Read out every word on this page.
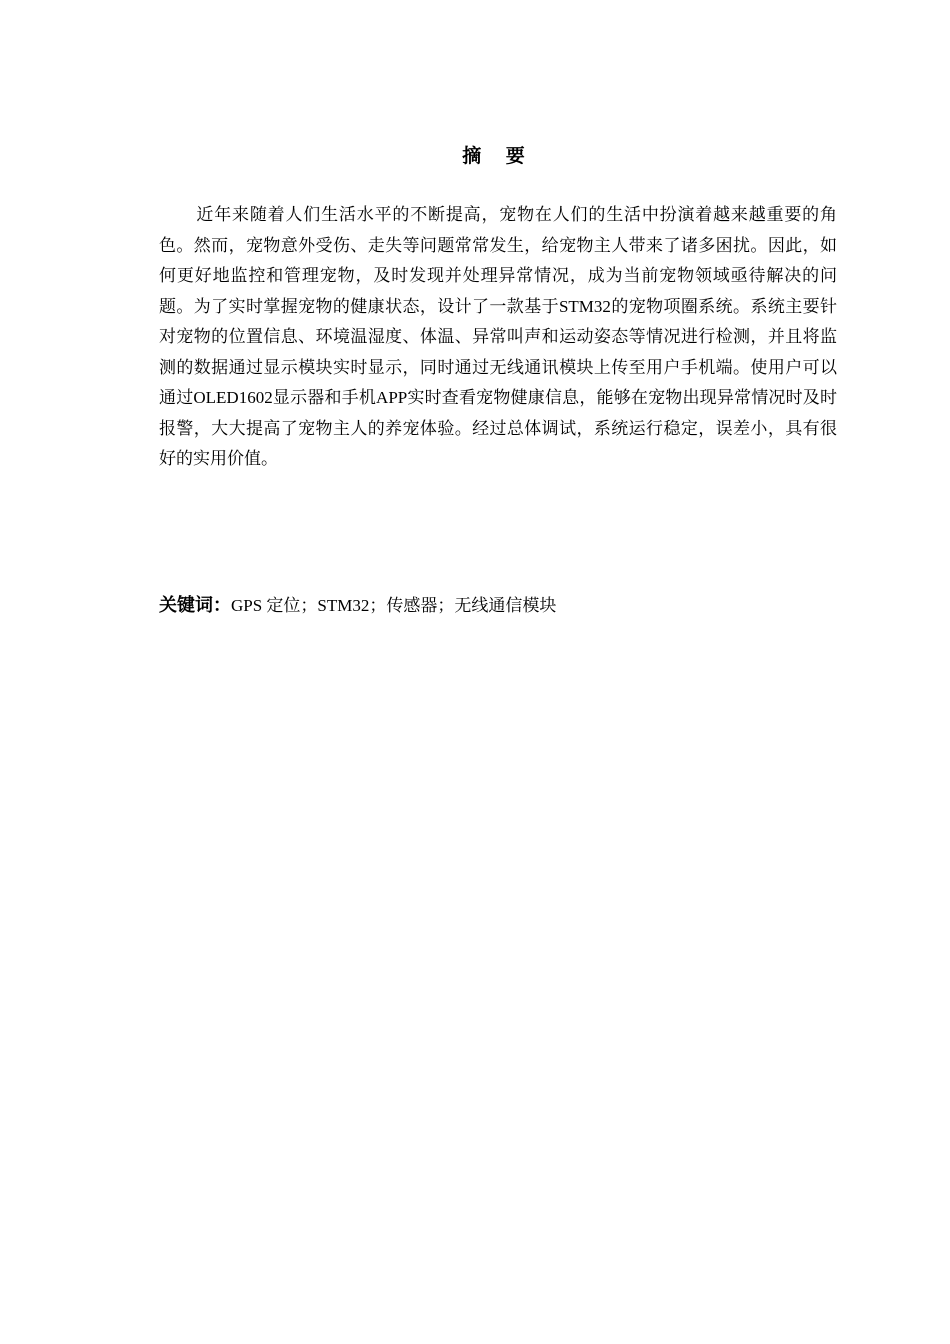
摘 要

近年来随着人们生活水平的不断提高，宠物在人们的生活中扮演着越来越重要的角色。然而，宠物意外受伤、走失等问题常常发生，给宠物主人带来了诸多困扰。因此，如何更好地监控和管理宠物，及时发现并处理异常情况，成为当前宠物领域亟待解决的问题。为了实时掌握宠物的健康状态，设计了一款基于STM32的宠物项圈系统。系统主要针对宠物的位置信息、环境温湿度、体温、异常叫声和运动姿态等情况进行检测，并且将监测的数据通过显示模块实时显示，同时通过无线通讯模块上传至用户手机端。使用户可以通过OLED1602显示器和手机APP实时查看宠物健康信息，能够在宠物出现异常情况时及时报警，大大提高了宠物主人的养宠体验。经过总体调试，系统运行稳定，误差小，具有很好的实用价值。

关键词：GPS 定位；STM32；传感器；无线通信模块
